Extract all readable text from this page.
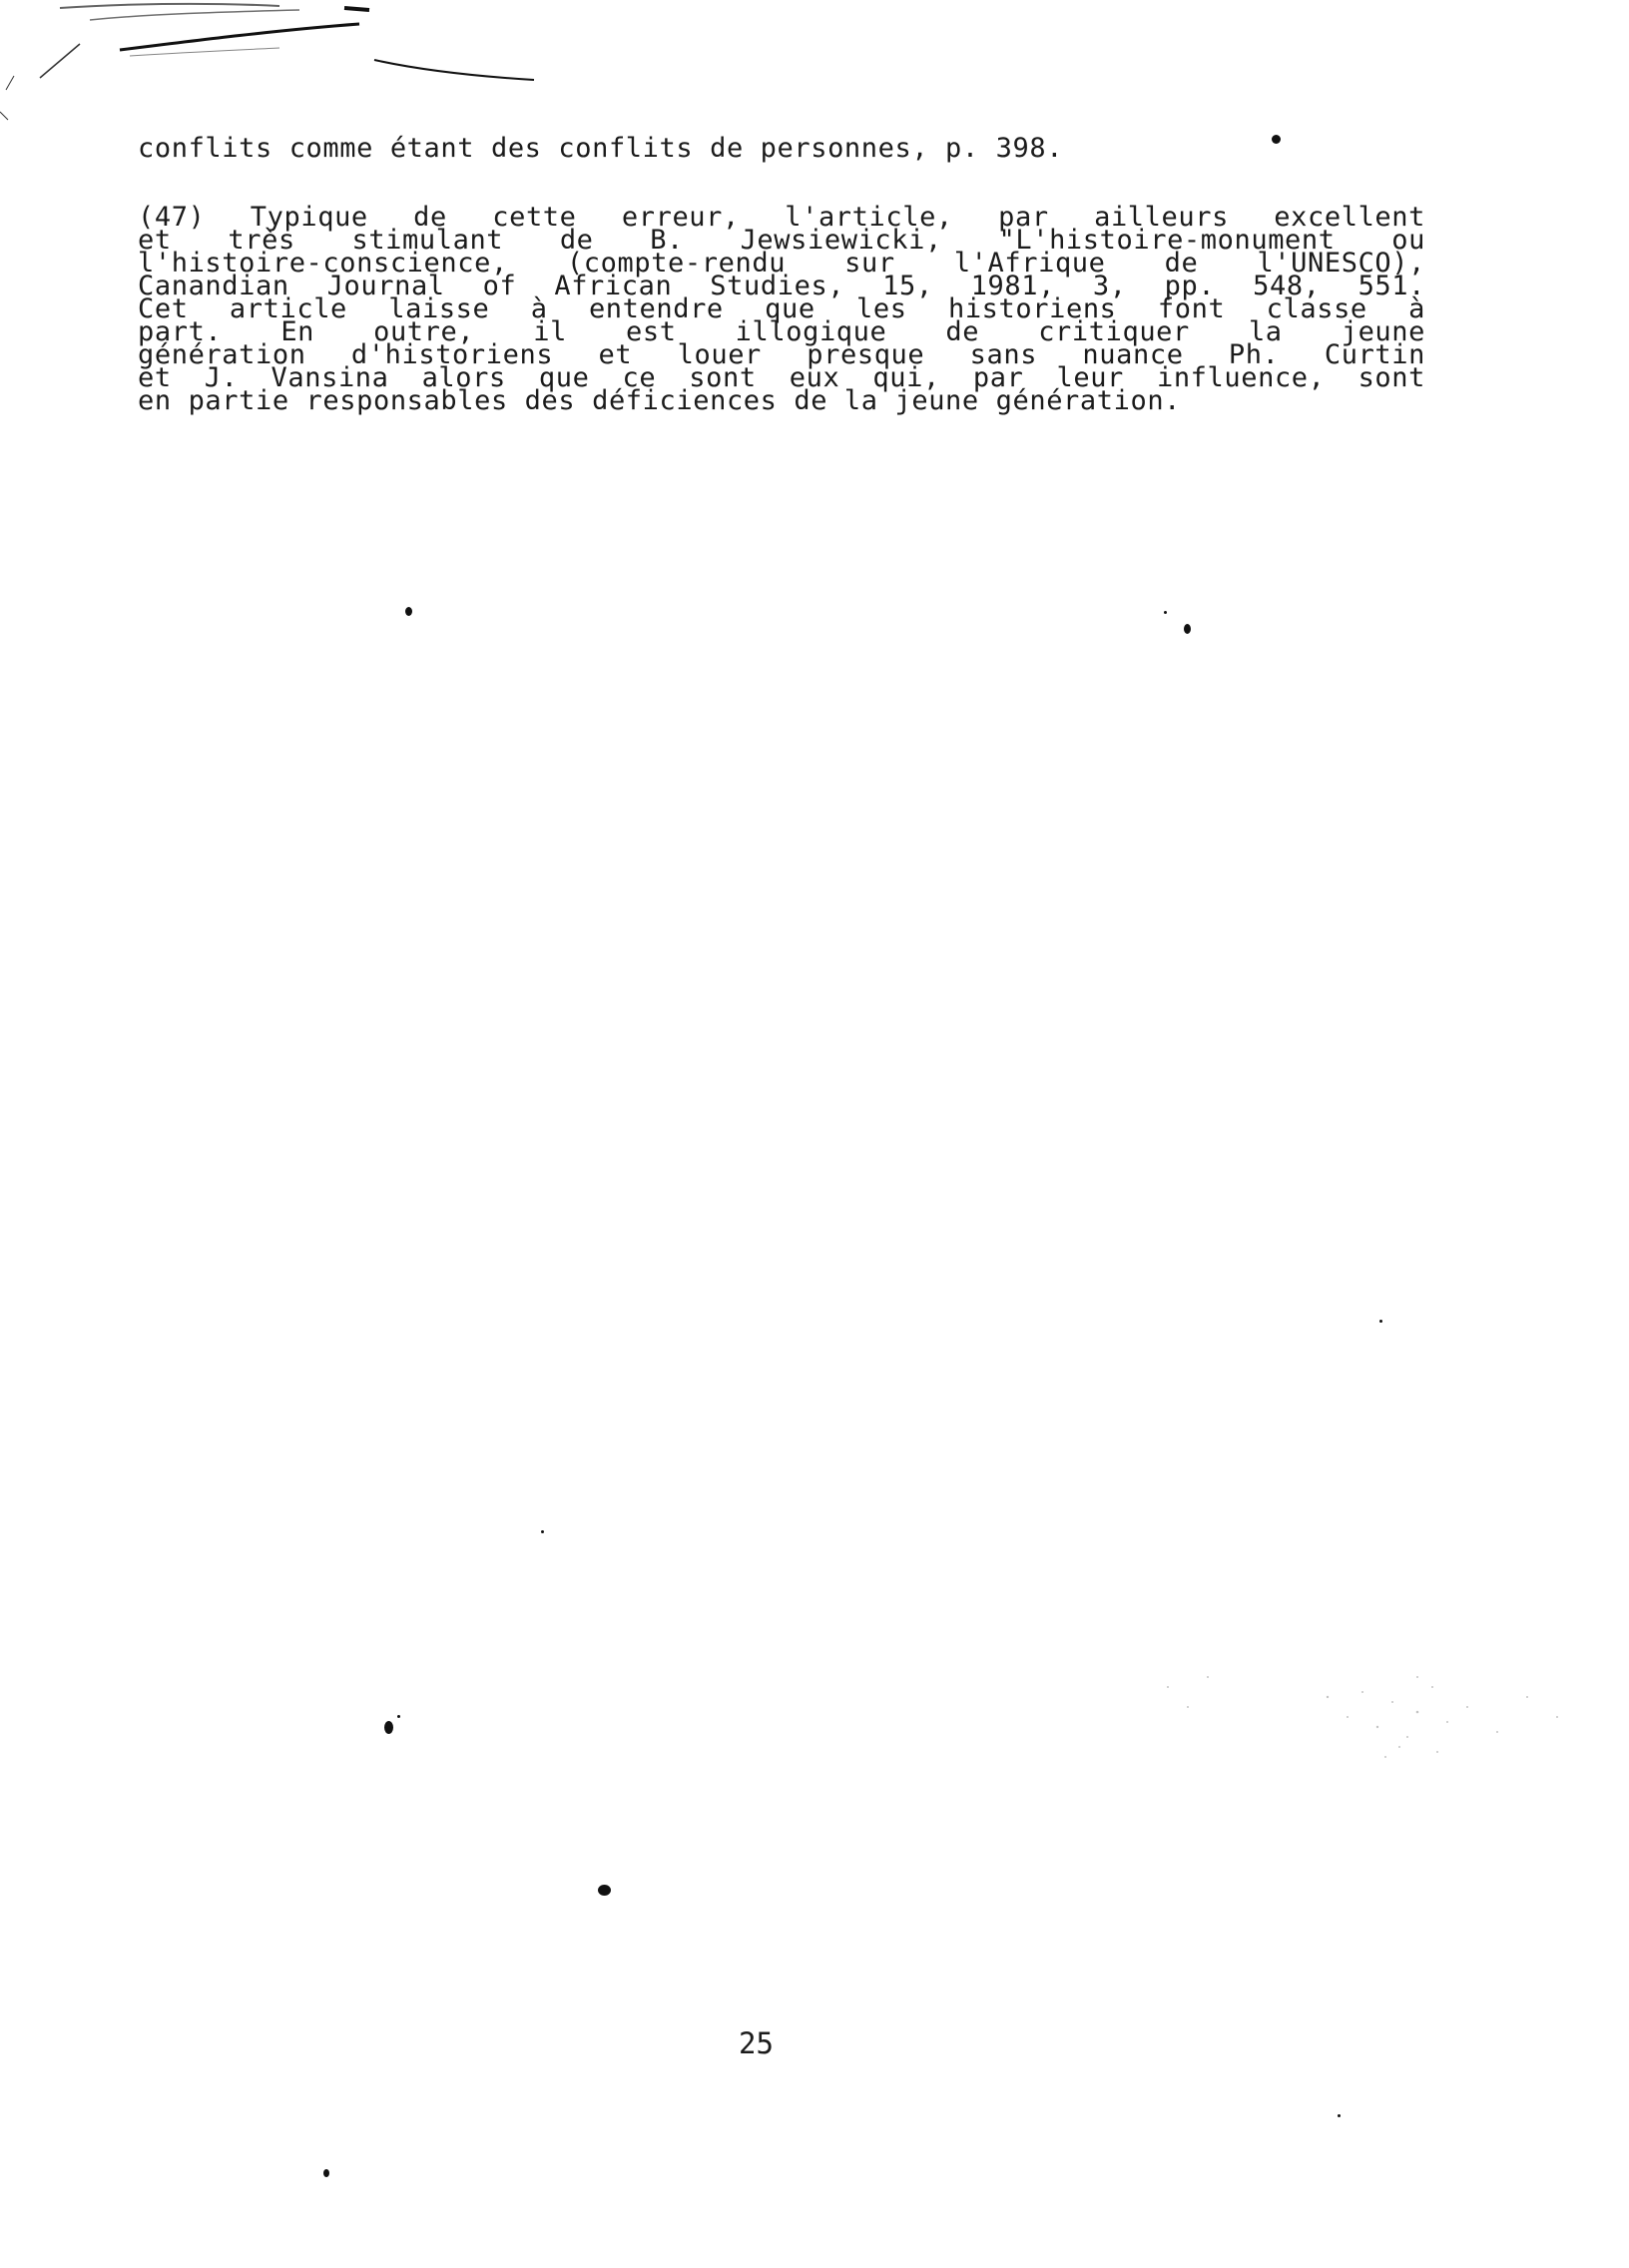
conflits comme étant des conflits de personnes, p. 398.
(47) Typique de cette erreur, l'article, par ailleurs excellent
et très stimulant de B. Jewsiewicki, "L'histoire-monument ou
l'histoire-conscience, (compte-rendu sur l'Afrique de l'UNESCO),
Canandian Journal of African Studies, 15, 1981, 3, pp. 548, 551.
Cet article laisse à entendre que les historiens font classe à
part. En outre, il est illogique de critiquer la jeune
génération d'historiens et louer presque sans nuance Ph. Curtin
et J. Vansina alors que ce sont eux qui, par leur influence, sont
en partie responsables des déficiences de la jeune génération.
25
